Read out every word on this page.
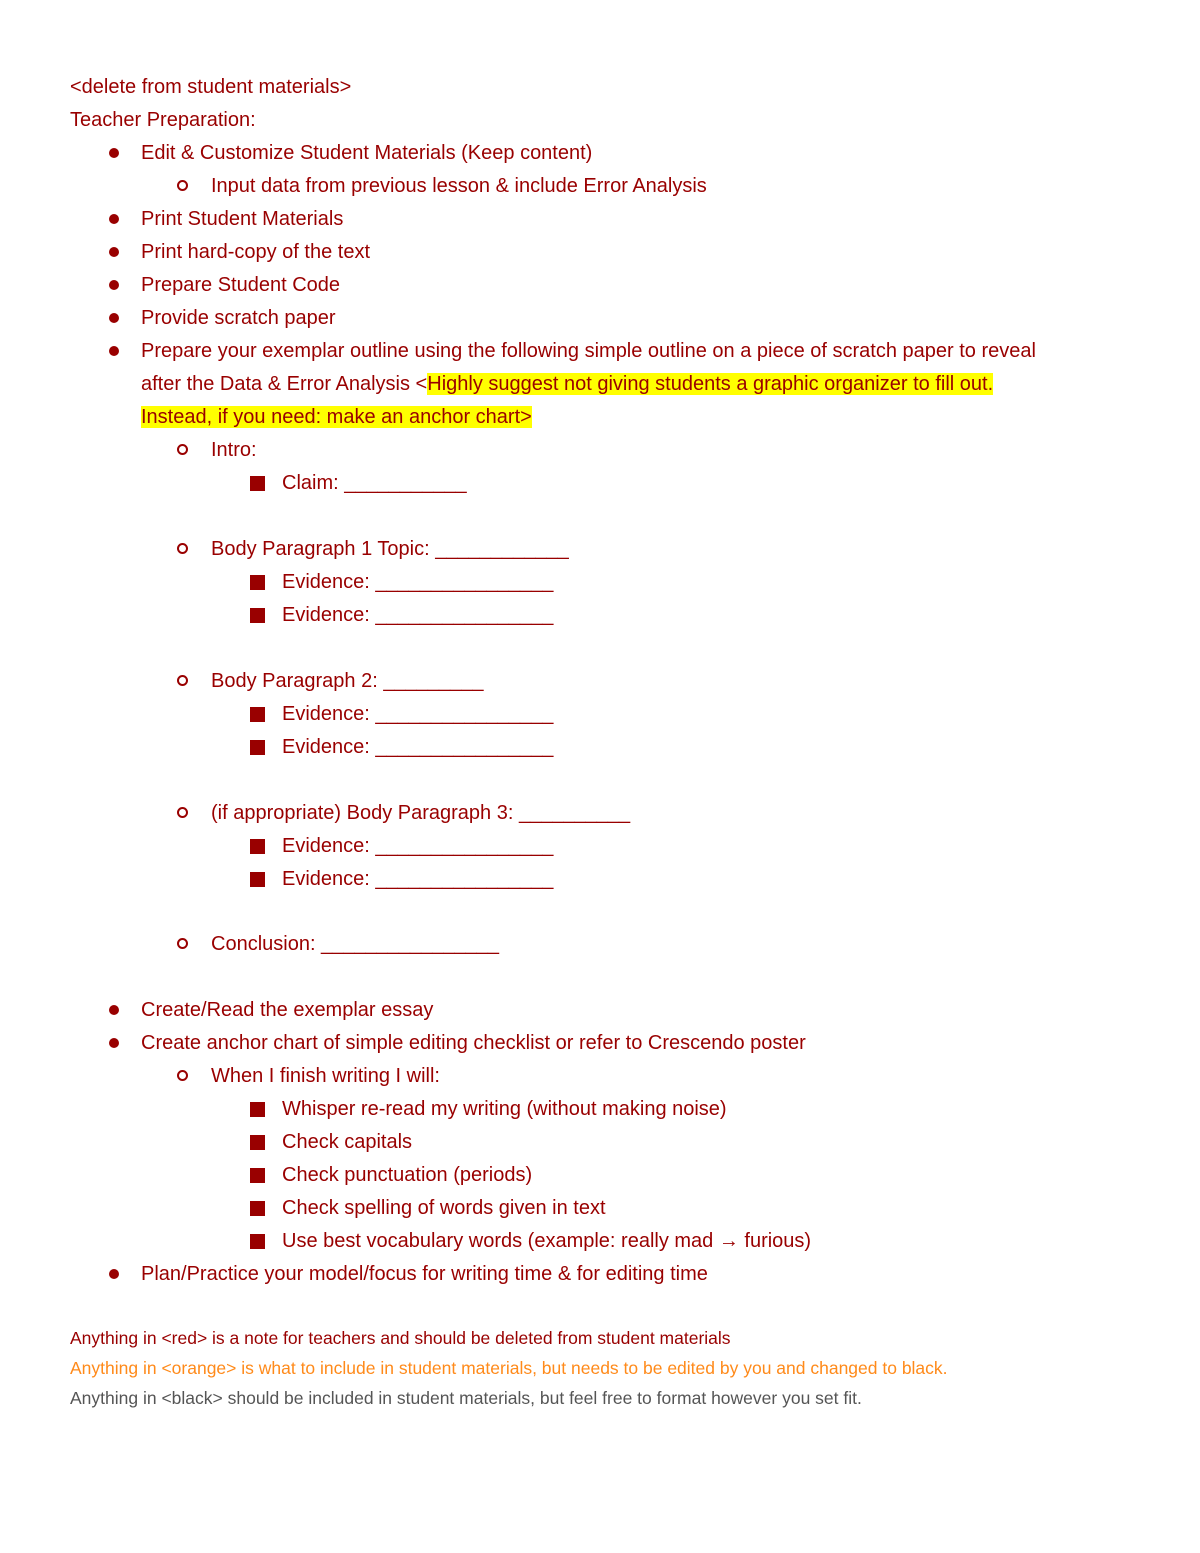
<delete from student materials>
Teacher Preparation:
Edit & Customize Student Materials (Keep content)
Input data from previous lesson & include Error Analysis
Print Student Materials
Print hard-copy of the text
Prepare Student Code
Provide scratch paper
Prepare your exemplar outline using the following simple outline on a piece of scratch paper to reveal
after the Data & Error Analysis <Highly suggest not giving students a graphic organizer to fill out.
Instead, if you need: make an anchor chart>
Intro:
Claim: ___________
Body Paragraph 1 Topic: ____________
Evidence: ________________
Evidence: ________________
Body Paragraph 2: _________
Evidence: ________________
Evidence: ________________
(if appropriate) Body Paragraph 3: __________
Evidence: ________________
Evidence: ________________
Conclusion: ________________
Create/Read the exemplar essay
Create anchor chart of simple editing checklist or refer to Crescendo poster
When I finish writing I will:
Whisper re-read my writing (without making noise)
Check capitals
Check punctuation (periods)
Check spelling of words given in text
Use best vocabulary words (example: really mad → furious)
Plan/Practice your model/focus for writing time & for editing time
Anything in <red> is a note for teachers and should be deleted from student materials
Anything in <orange> is what to include in student materials, but needs to be edited by you and changed to black.
Anything in <black> should be included in student materials, but feel free to format however you set fit.
